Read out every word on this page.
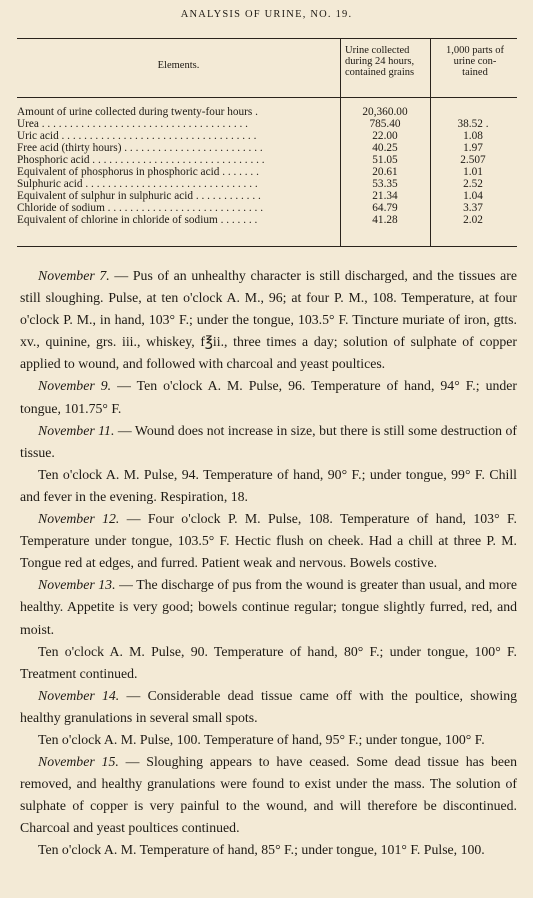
ANALYSIS OF URINE, NO. 19.
Elements.
Urine collected
during 24 hours,
contained grains
1,000 parts of
urine con-
tained
Amount of urine collected during twenty-four hours .	20,360.00
Urea . . . . . . . . . . . . . . . . . . . . . . . . . . . . . . . . . . . . .	785.40	38.52 .
Uric acid . . . . . . . . . . . . . . . . . . . . . . . . . . . . . . . . . . .	22.00	1.08
Free acid (thirty hours) . . . . . . . . . . . . . . . . . . . . . . . . .	40.25	1.97
Phosphoric acid . . . . . . . . . . . . . . . . . . . . . . . . . . . . . . .	51.05	2.507
Equivalent of phosphorus in phosphoric acid . . . . . . .	20.61	1.01
Sulphuric acid . . . . . . . . . . . . . . . . . . . . . . . . . . . . . . .	53.35	2.52
Equivalent of sulphur in sulphuric acid . . . . . . . . . . . .	21.34	1.04
Chloride of sodium . . . . . . . . . . . . . . . . . . . . . . . . . . . .	64.79	3.37
Equivalent of chlorine in chloride of sodium . . . . . . .	41.28	2.02

November 7. — Pus of an unhealthy character is still discharged, and the tissues are still sloughing. Pulse, at ten o'clock A. M., 96; at four P. M., 108. Temperature, at four o'clock P. M., in hand, 103° F.; under the tongue, 103.5° F. Tincture muriate of iron, gtts. xv., quinine, grs. iii., whiskey, f℥ii., three times a day; solution of sulphate of copper applied to wound, and followed with charcoal and yeast poultices.

November 9. — Ten o'clock A. M. Pulse, 96. Temperature of hand, 94° F.; under tongue, 101.75° F.

November 11. — Wound does not increase in size, but there is still some destruction of tissue.

Ten o'clock A. M. Pulse, 94. Temperature of hand, 90° F.; under tongue, 99° F. Chill and fever in the evening. Respiration, 18.

November 12. — Four o'clock P. M. Pulse, 108. Temperature of hand, 103° F. Temperature under tongue, 103.5° F. Hectic flush on cheek. Had a chill at three P. M. Tongue red at edges, and furred. Patient weak and nervous. Bowels costive.

November 13. — The discharge of pus from the wound is greater than usual, and more healthy. Appetite is very good; bowels continue regular; tongue slightly furred, red, and moist.

Ten o'clock A. M. Pulse, 90. Temperature of hand, 80° F.; under tongue, 100° F. Treatment continued.

November 14. — Considerable dead tissue came off with the poultice, showing healthy granulations in several small spots.

Ten o'clock A. M. Pulse, 100. Temperature of hand, 95° F.; under tongue, 100° F.

November 15. — Sloughing appears to have ceased. Some dead tissue has been removed, and healthy granulations were found to exist under the mass. The solution of sulphate of copper is very painful to the wound, and will therefore be discontinued. Charcoal and yeast poultices continued.

Ten o'clock A. M. Temperature of hand, 85° F.; under tongue, 101° F. Pulse, 100.
